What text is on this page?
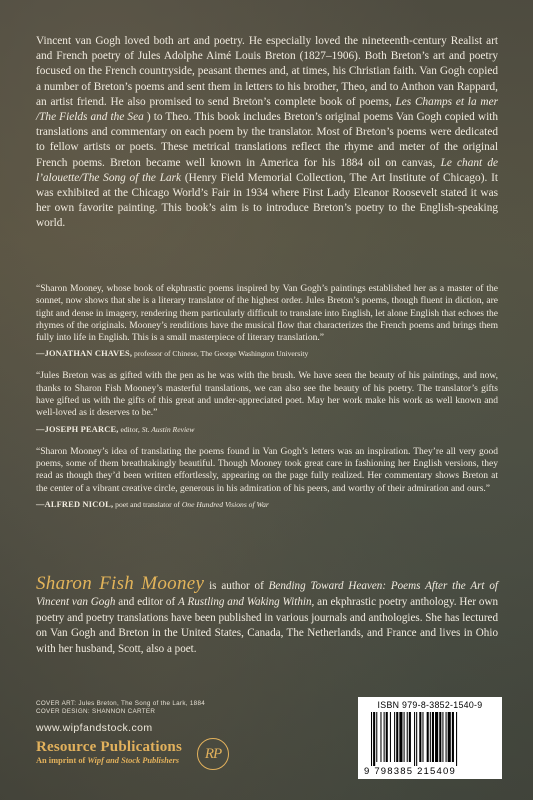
Vincent van Gogh loved both art and poetry. He especially loved the nineteenth-century Realist art and French poetry of Jules Adolphe Aimé Louis Breton (1827–1906). Both Breton’s art and poetry focused on the French countryside, peasant themes and, at times, his Christian faith. Van Gogh copied a number of Breton’s poems and sent them in letters to his brother, Theo, and to Anthon van Rappard, an artist friend. He also promised to send Breton’s complete book of poems, Les Champs et la mer /The Fields and the Sea ) to Theo. This book includes Breton’s original poems Van Gogh copied with translations and commentary on each poem by the translator. Most of Breton’s poems were dedicated to fellow artists or poets. These metrical translations reflect the rhyme and meter of the original French poems. Breton became well known in America for his 1884 oil on canvas, Le chant de l’alouette/The Song of the Lark (Henry Field Memorial Collection, The Art Institute of Chicago). It was exhibited at the Chicago World’s Fair in 1934 where First Lady Eleanor Roosevelt stated it was her own favorite painting. This book’s aim is to introduce Breton’s poetry to the English-speaking world.

“Sharon Mooney, whose book of ekphrastic poems inspired by Van Gogh’s paintings established her as a master of the sonnet, now shows that she is a literary translator of the highest order. Jules Breton’s poems, though fluent in diction, are tight and dense in imagery, rendering them particularly difficult to translate into English, let alone English that echoes the rhymes of the originals. Mooney’s renditions have the musical flow that characterizes the French poems and brings them fully into life in English. This is a small masterpiece of literary translation.”

—JONATHAN CHAVES, professor of Chinese, The George Washington University

“Jules Breton was as gifted with the pen as he was with the brush. We have seen the beauty of his paintings, and now, thanks to Sharon Fish Mooney’s masterful translations, we can also see the beauty of his poetry. The translator’s gifts have gifted us with the gifts of this great and under-appreciated poet. May her work make his work as well known and well-loved as it deserves to be.”

—JOSEPH PEARCE, editor, St. Austin Review

“Sharon Mooney’s idea of translating the poems found in Van Gogh’s letters was an inspiration. They’re all very good poems, some of them breathtakingly beautiful. Though Mooney took great care in fashioning her English versions, they read as though they’d been written effortlessly, appearing on the page fully realized. Her commentary shows Breton at the center of a vibrant creative circle, generous in his admiration of his peers, and worthy of their admiration and ours.”

—ALFRED NICOL, poet and translator of One Hundred Visions of War

Sharon Fish Mooney is author of Bending Toward Heaven: Poems After the Art of Vincent van Gogh and editor of A Rustling and Waking Within, an ekphrastic poetry anthology. Her own poetry and poetry translations have been published in various journals and anthologies. She has lectured on Van Gogh and Breton in the United States, Canada, The Netherlands, and France and lives in Ohio with her husband, Scott, also a poet.

COVER ART: Jules Breton, The Song of the Lark, 1884
COVER DESIGN: SHANNON CARTER
www.wipfandstock.com
Resource Publications
An imprint of Wipf and Stock Publishers RP
ISBN 979-8-3852-1540-9
9 798385 215409
